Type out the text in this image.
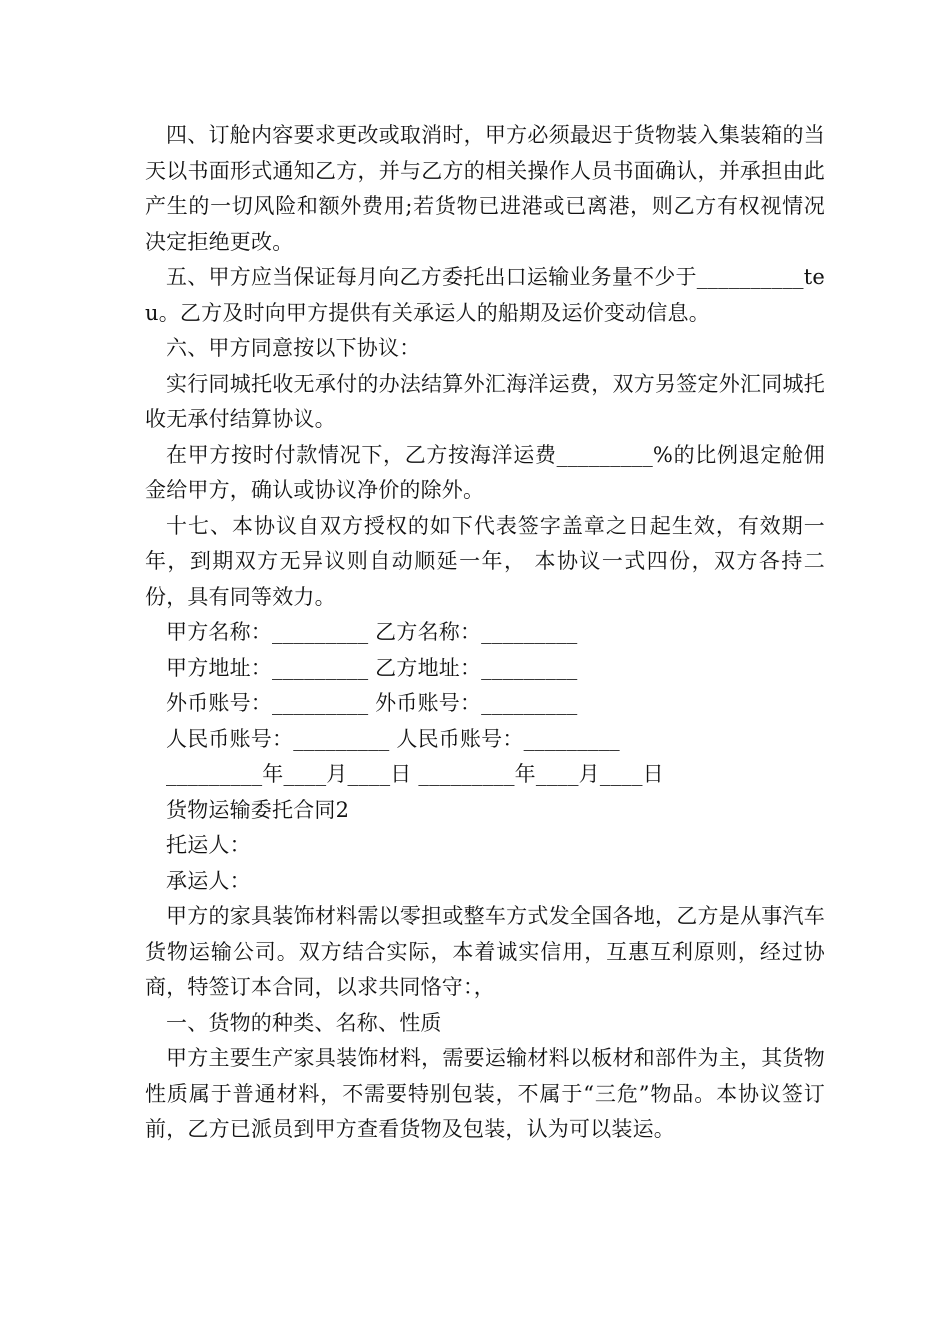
四、订舱内容要求更改或取消时，甲方必须最迟于货物装入集装箱的当天以书面形式通知乙方，并与乙方的相关操作人员书面确认，并承担由此产生的一切风险和额外费用;若货物已进港或已离港，则乙方有权视情况决定拒绝更改。

五、甲方应当保证每月向乙方委托出口运输业务量不少于__________teu。乙方及时向甲方提供有关承运人的船期及运价变动信息。

六、甲方同意按以下协议：

实行同城托收无承付的办法结算外汇海洋运费，双方另签定外汇同城托收无承付结算协议。

在甲方按时付款情况下，乙方按海洋运费_________%的比例退定舱佣金给甲方，确认或协议净价的除外。

十七、本协议自双方授权的如下代表签字盖章之日起生效，有效期一年，到期双方无异议则自动顺延一年， 本协议一式四份，双方各持二份，具有同等效力。

甲方名称：_________ 乙方名称：_________

甲方地址：_________ 乙方地址：_________

外币账号：_________ 外币账号：_________

人民币账号：_________ 人民币账号：_________

_________年____月____日 _________年____月____日

货物运输委托合同2

托运人：

承运人：

甲方的家具装饰材料需以零担或整车方式发全国各地，乙方是从事汽车货物运输公司。双方结合实际，本着诚实信用，互惠互利原则，经过协商，特签订本合同，以求共同恪守：，

一、货物的种类、名称、性质

甲方主要生产家具装饰材料，需要运输材料以板材和部件为主，其货物性质属于普通材料，不需要特别包装，不属于“三危”物品。本协议签订前，乙方已派员到甲方查看货物及包装，认为可以装运。
